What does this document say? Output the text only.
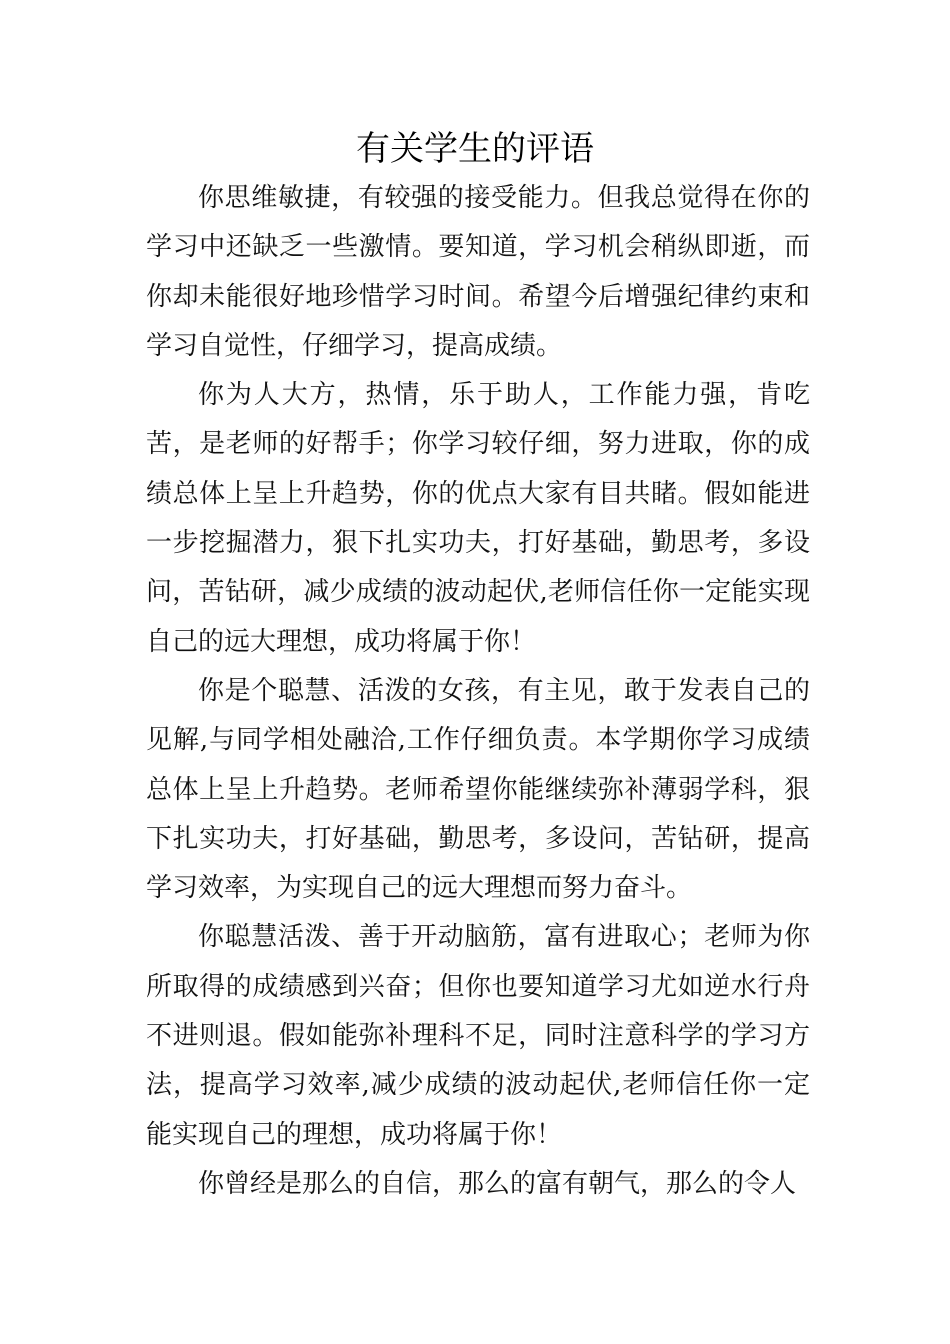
有关学生的评语

你思维敏捷，有较强的接受能力。但我总觉得在你的学习中还缺乏一些激情。要知道，学习机会稍纵即逝，而你却未能很好地珍惜学习时间。希望今后增强纪律约束和学习自觉性，仔细学习，提高成绩。

你为人大方，热情，乐于助人，工作能力强，肯吃苦，是老师的好帮手；你学习较仔细，努力进取，你的成绩总体上呈上升趋势，你的优点大家有目共睹。假如能进一步挖掘潜力，狠下扎实功夫，打好基础，勤思考，多设问，苦钻研，减少成绩的波动起伏,老师信任你一定能实现自己的远大理想，成功将属于你！

你是个聪慧、活泼的女孩，有主见，敢于发表自己的见解,与同学相处融洽,工作仔细负责。本学期你学习成绩总体上呈上升趋势。老师希望你能继续弥补薄弱学科，狠下扎实功夫，打好基础，勤思考，多设问，苦钻研，提高学习效率，为实现自己的远大理想而努力奋斗。

你聪慧活泼、善于开动脑筋，富有进取心；老师为你所取得的成绩感到兴奋；但你也要知道学习尤如逆水行舟不进则退。假如能弥补理科不足，同时注意科学的学习方法，提高学习效率,减少成绩的波动起伏,老师信任你一定能实现自己的理想，成功将属于你！

你曾经是那么的自信，那么的富有朝气，那么的令人
